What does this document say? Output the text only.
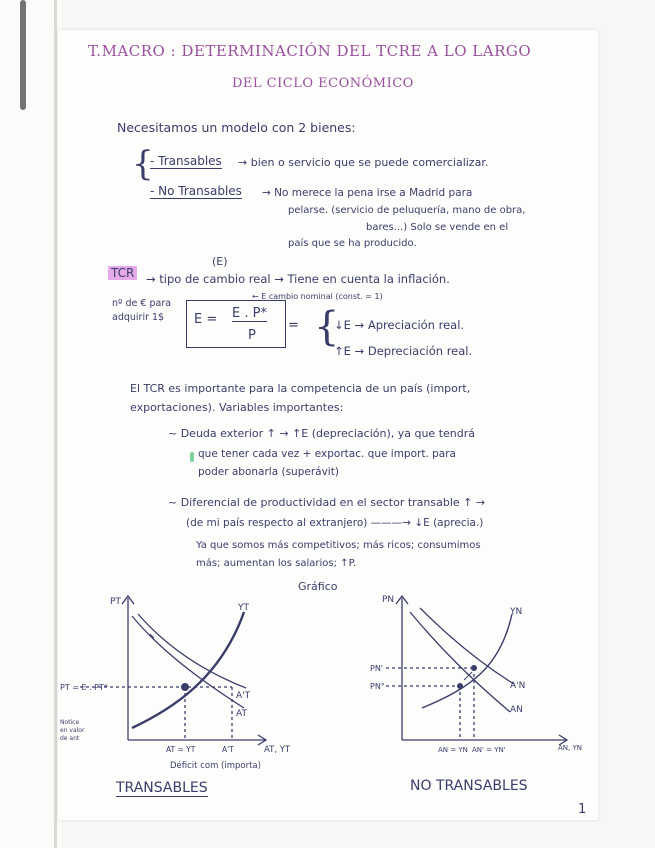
T.MACRO : DETERMINACIÓN DEL TCRE A LO LARGO
DEL CICLO ECONÓMICO
Necesitamos un modelo con 2 bienes:
{
- Transables → bien o servicio que se puede comercializar.
- No Transables → No merece la pena irse a Madrid para
pelarse. (servicio de peluquería, mano de obra,
bares...) Solo se vende en el
país que se ha producido.
(E)
TCR → tipo de cambio real → Tiene en cuenta la inflación.
← E cambio nominal (const. = 1)
nº de € para
adquirir 1$ E = E . P*
P
= {
↓E → Apreciación real.
↑E → Depreciación real.
El TCR es importante para la competencia de un país (import,
exportaciones). Variables importantes:
~ Deuda exterior ↑ → ↑E (depreciación), ya que tendrá
que tener cada vez + exportac. que import. para
poder abonarla (superávit)
~ Diferencial de productividad en el sector transable ↑ →
(de mi país respecto al extranjero) ———→ ↓E (aprecia.)
Ya que somos más competitivos; más ricos; consumimos
más; aumentan los salarios; ↑P.
Gráfico
PT
YT
A'T
AT
PT = E . PT*
Notice
en valor
de ant
AT = YT	A'T	AT, YT
Déficit com (importa)
TRANSABLES
PN
YN
A'N
AN
PN'
PN°
AN = YN AN' = YN'	AN, YN
NO TRANSABLES
1
